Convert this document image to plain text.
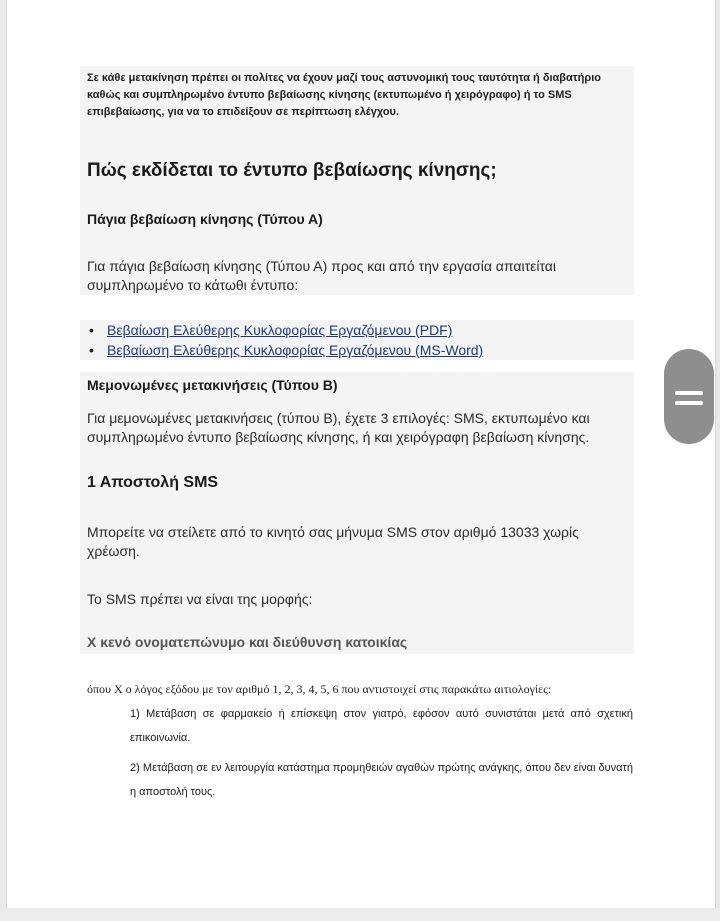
Σε κάθε μετακίνηση πρέπει οι πολίτες να έχουν μαζί τους αστυνομική τους ταυτότητα ή διαβατήριο καθώς και συμπληρωμένο έντυπο βεβαίωσης κίνησης (εκτυπωμένο ή χειρόγραφο) ή το SMS επιβεβαίωσης, για να το επιδείξουν σε περίπτωση ελέγχου.
Πώς εκδίδεται το έντυπο βεβαίωσης κίνησης;
Πάγια βεβαίωση κίνησης (Τύπου Α)
Για πάγια βεβαίωση κίνησης (Τύπου Α) προς και από την εργασία απαιτείται συμπληρωμένο το κάτωθι έντυπο:
• Βεβαίωση Ελεύθερης Κυκλοφορίας Εργαζόμενου (PDF)
• Βεβαίωση Ελεύθερης Κυκλοφορίας Εργαζόμενου (MS-Word)
Μεμονωμένες μετακινήσεις (Τύπου Β)
Για μεμονωμένες μετακινήσεις (τύπου Β), έχετε 3 επιλογές: SMS, εκτυπωμένο και συμπληρωμένο έντυπο βεβαίωσης κίνησης, ή και χειρόγραφη βεβαίωση κίνησης.
1 Αποστολή SMS
Μπορείτε να στείλετε από το κινητό σας μήνυμα SMS στον αριθμό 13033 χωρίς χρέωση.
Το SMS πρέπει να είναι της μορφής:
Χ κενό ονοματεπώνυμο και διεύθυνση κατοικίας
όπου Χ ο λόγος εξόδου με τον αριθμό 1, 2, 3, 4, 5, 6 που αντιστοιχεί στις παρακάτω αιτιολογίες:
1) Μετάβαση σε φαρμακείο ή επίσκεψη στον γιατρό, εφόσον αυτό συνιστάται μετά από σχετική επικοινωνία.
2) Μετάβαση σε εν λειτουργία κατάστημα προμηθειών αγαθών πρώτης ανάγκης, όπου δεν είναι δυνατή η αποστολή τους.
